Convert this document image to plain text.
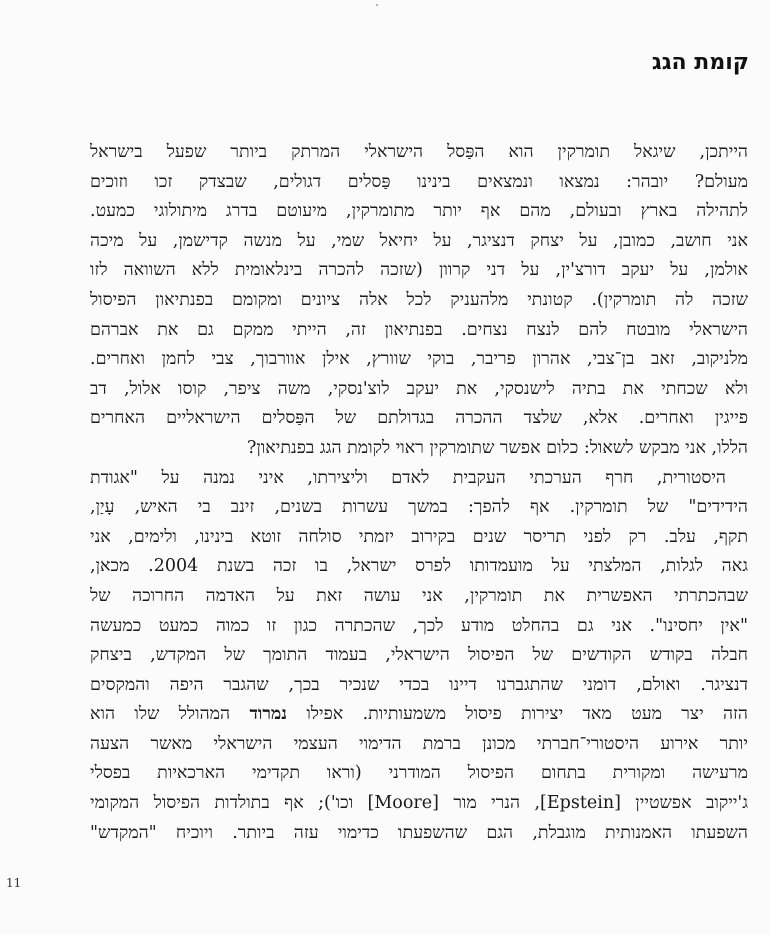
קומת הגג
הייתכן, שיגאל תומרקין הוא הפַּסל הישראלי המרתק ביותר שפעל בישראל
מעולם? יובהר: נמצאו ונמצאים בינינו פַּסלים דגולים, שבצדק זכו וזוכים
לתהילה בארץ ובעולם, מהם אף יותר מתומרקין, מיעוטם בדרג מיתולוגי כמעט.
אני חושב, כמובן, על יצחק דנציגר, על יחיאל שמי, על מנשה קדישמן, על מיכה
אולמן, על יעקב דורצ'ין, על דני קרוון (שזכה להכרה בינלאומית ללא השוואה לזו
שזכה לה תומרקין). קטונתי מלהעניק לכל אלה ציונים ומקומם בפנתיאון הפיסול
הישראלי מובטח להם לנצח נצחים. בפנתיאון זה, הייתי ממקם גם את אברהם
מלניקוב, זאב בן־צבי, אהרון פריבר, בוקי שוורץ, אילן אוורבוך, צבי לחמן ואחרים.
ולא שכחתי את בתיה לישנסקי, את יעקב לוצ'נסקי, משה ציפר, קוסו אלול, דב
פייגין ואחרים. אלא, שלצד ההכרה בגדולתם של הפַּסלים הישראליים האחרים
הללו, אני מבקש לשאול: כלום אפשר שתומרקין ראוי לקומת הגג בפנתיאון?
היסטורית, חרף הערכתי העקבית לאדם וליצירתו, איני נמנה על "אגודת
הידידים" של תומרקין. אף להפך: במשך עשרות בשנים, זינב בי האיש, עָיַן,
תקף, עלב. רק לפני תריסר שנים בקירוב יזמתי סולחה זוטא בינינו, ולימים, אני
גאה לגלות, המלצתי על מועמדותו לפרס ישראל, בו זכה בשנת 2004. מכאן,
שבהכתרתי האפשרית את תומרקין, אני עושה זאת על האדמה החרוכה של
"אין יחסינו". אני גם בהחלט מודע לכך, שהכתרה כגון זו כמוה כמעט כמעשה
חבלה בקודש הקודשים של הפיסול הישראלי, בעמוד התומך של המקדש, ביצחק
דנציגר. ואולם, דומני שהתגברנו דיינו בכדי שנכיר בכך, שהגבר היפה והמקסים
הזה יצר מעט מאד יצירות פיסול משמעותיות. אפילו נמרוד המהולל שלו הוא
יותר אירוע היסטורי־חברתי מכונן ברמת הדימוי העצמי הישראלי מאשר הצעה
מרעישה ומקורית בתחום הפיסול המודרני (וראו תקדימי הארכאיות בפסלי
ג'ייקוב אפשטיין [Epstein], הנרי מור [Moore] וכו'); אף בתולדות הפיסול המקומי
השפעתו האמנותית מוגבלת, הגם שהשפעתו כדימוי עזה ביותר. ויוכיח "המקדש"
11
